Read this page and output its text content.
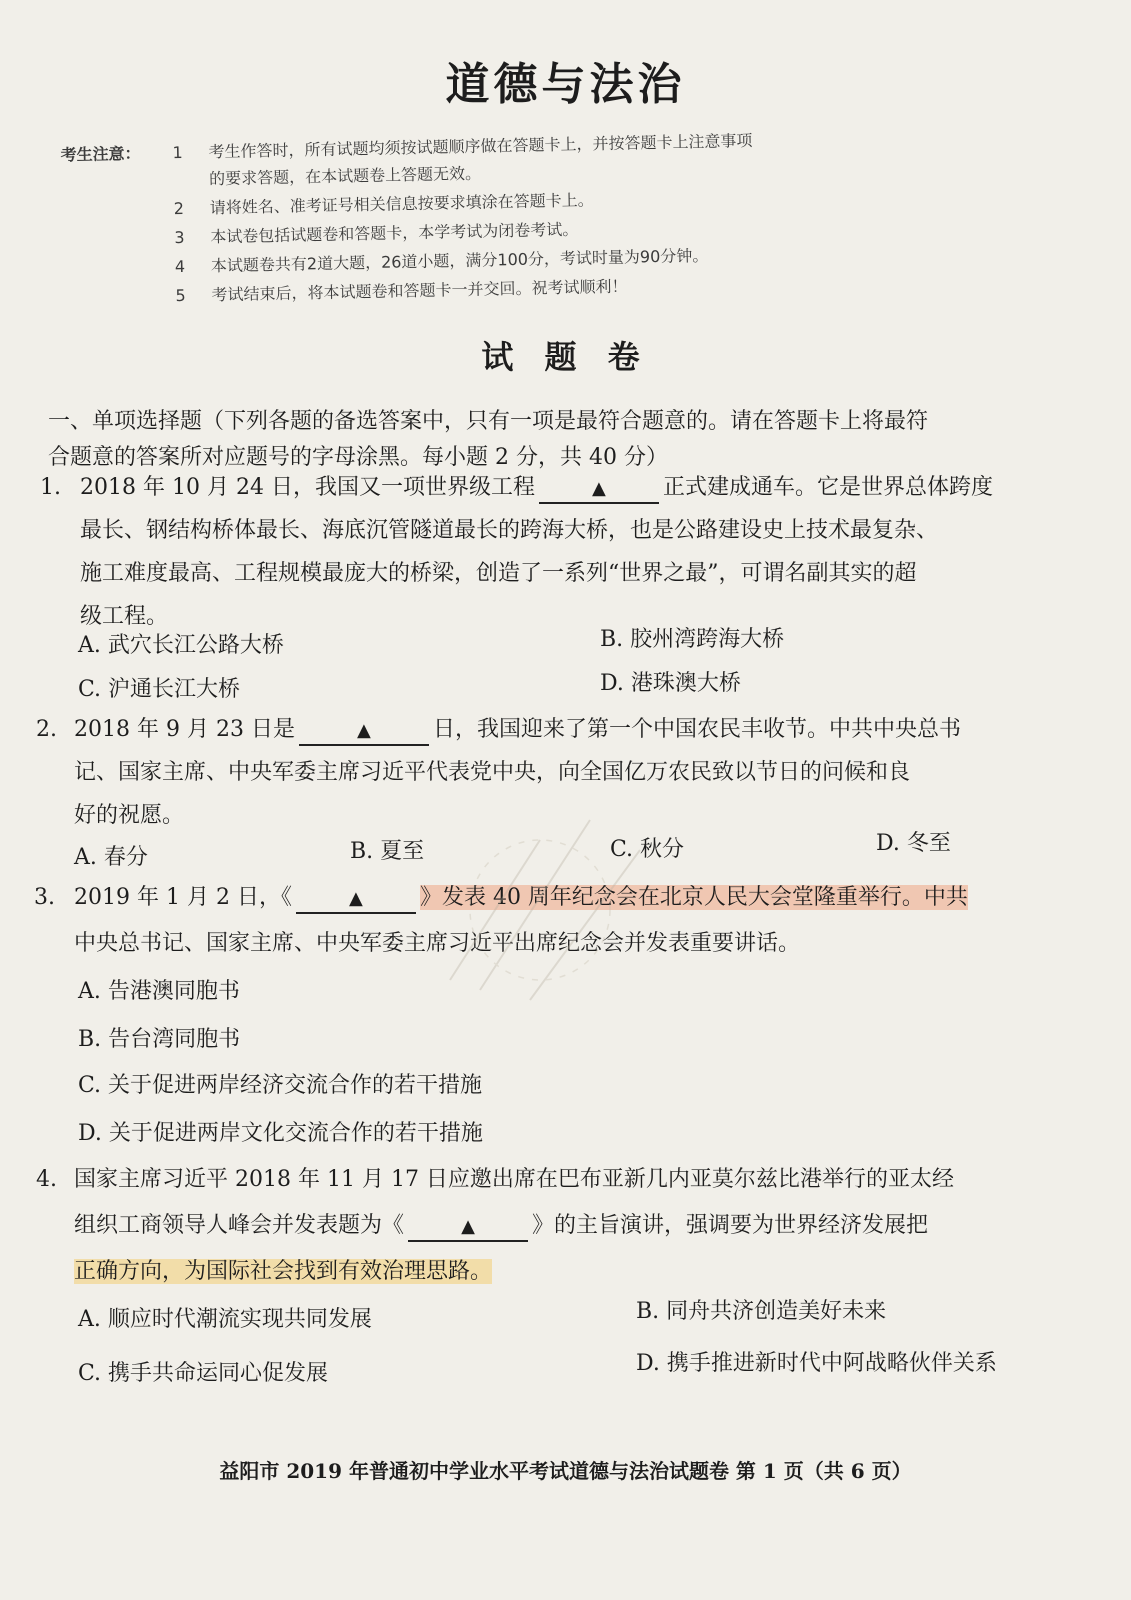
道德与法治
考生注意： 1 考生作答时，所有试题均须按试题顺序做在答题卡上，并按答题卡上注意事项
的要求答题，在本试题卷上答题无效。
2 请将姓名、准考证号相关信息按要求填涂在答题卡上。
3 本试卷包括试题卷和答题卡，本学考试为闭卷考试。
4 本试题卷共有2道大题，26道小题，满分100分，考试时量为90分钟。
5 考试结束后，将本试题卷和答题卡一并交回。祝考试顺利！
试 题 卷
一、单项选择题（下列各题的备选答案中，只有一项是最符合题意的。请在答题卡上将最符
合题意的答案所对应题号的字母涂黑。每小题 2 分，共 40 分）
1. 2018 年 10 月 24 日，我国又一项世界级工程	▲	正式建成通车。它是世界总体跨度
最长、钢结构桥体最长、海底沉管隧道最长的跨海大桥，也是公路建设史上技术最复杂、
施工难度最高、工程规模最庞大的桥梁，创造了一系列“世界之最”，可谓名副其实的超
级工程。
A. 武穴长江公路大桥	B. 胶州湾跨海大桥
C. 沪通长江大桥	D. 港珠澳大桥
2. 2018 年 9 月 23 日是	▲	日，我国迎来了第一个中国农民丰收节。中共中央总书
记、国家主席、中央军委主席习近平代表党中央，向全国亿万农民致以节日的问候和良
好的祝愿。
A. 春分	B. 夏至	C. 秋分	D. 冬至
3. 2019 年 1 月 2 日，《	▲	》发表 40 周年纪念会在北京人民大会堂隆重举行。中共
中央总书记、国家主席、中央军委主席习近平出席纪念会并发表重要讲话。
A. 告港澳同胞书
B. 告台湾同胞书
C. 关于促进两岸经济交流合作的若干措施
D. 关于促进两岸文化交流合作的若干措施
4. 国家主席习近平 2018 年 11 月 17 日应邀出席在巴布亚新几内亚莫尔兹比港举行的亚太经
组织工商领导人峰会并发表题为《	▲	》的主旨演讲，强调要为世界经济发展把
正确方向，为国际社会找到有效治理思路。
A. 顺应时代潮流实现共同发展	B. 同舟共济创造美好未来
C. 携手共命运同心促发展	D. 携手推进新时代中阿战略伙伴关系
益阳市 2019 年普通初中学业水平考试道德与法治试题卷 第 1 页（共 6 页）
